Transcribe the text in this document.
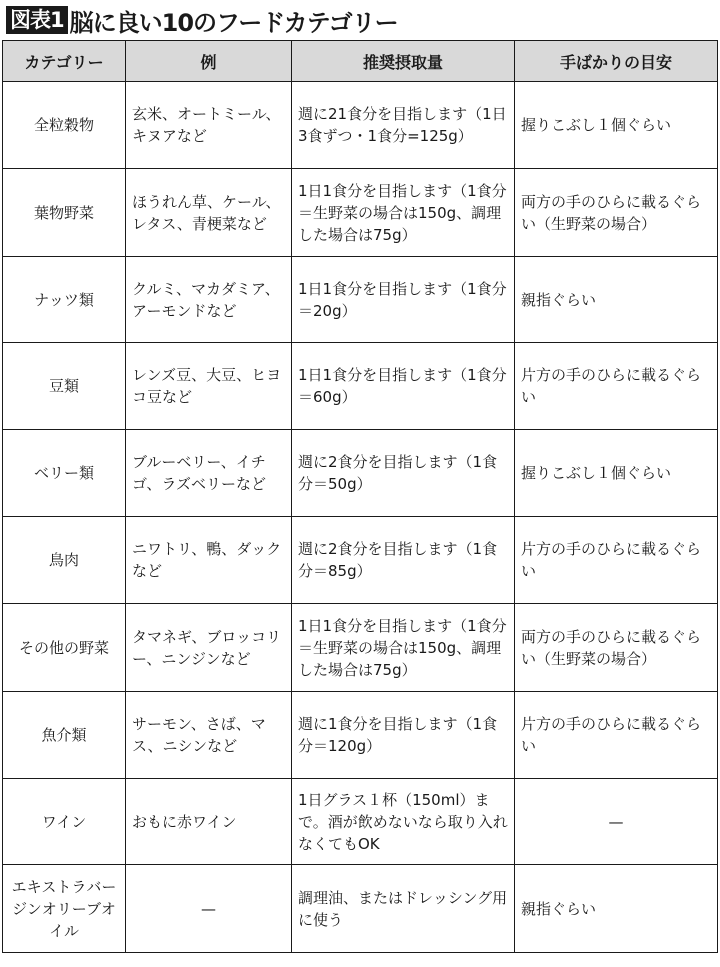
図表1 脳に良い10のフードカテゴリー
カテゴリー	例	推奨摂取量	手ばかりの目安
全粒穀物	玄米、オートミール、キヌアなど	週に21食分を目指します（1日3食ずつ・1食分=125g）	握りこぶし１個ぐらい
葉物野菜	ほうれん草、ケール、レタス、青梗菜など	1日1食分を目指します（1食分＝生野菜の場合は150g、調理した場合は75g）	両方の手のひらに載るぐらい（生野菜の場合）
ナッツ類	クルミ、マカダミア、アーモンドなど	1日1食分を目指します（1食分＝20g）	親指ぐらい
豆類	レンズ豆、大豆、ヒヨコ豆など	1日1食分を目指します（1食分＝60g）	片方の手のひらに載るぐらい
ベリー類	ブルーベリー、イチゴ、ラズベリーなど	週に2食分を目指します（1食分＝50g）	握りこぶし１個ぐらい
鳥肉	ニワトリ、鴨、ダックなど	週に2食分を目指します（1食分＝85g）	片方の手のひらに載るぐらい
その他の野菜	タマネギ、ブロッコリー、ニンジンなど	1日1食分を目指します（1食分＝生野菜の場合は150g、調理した場合は75g）	両方の手のひらに載るぐらい（生野菜の場合）
魚介類	サーモン、さば、マス、ニシンなど	週に1食分を目指します（1食分＝120g）	片方の手のひらに載るぐらい
ワイン	おもに赤ワイン	1日グラス１杯（150ml）まで。酒が飲めないなら取り入れなくてもOK	—
エキストラバージンオリーブオイル	—	調理油、またはドレッシング用に使う	親指ぐらい
